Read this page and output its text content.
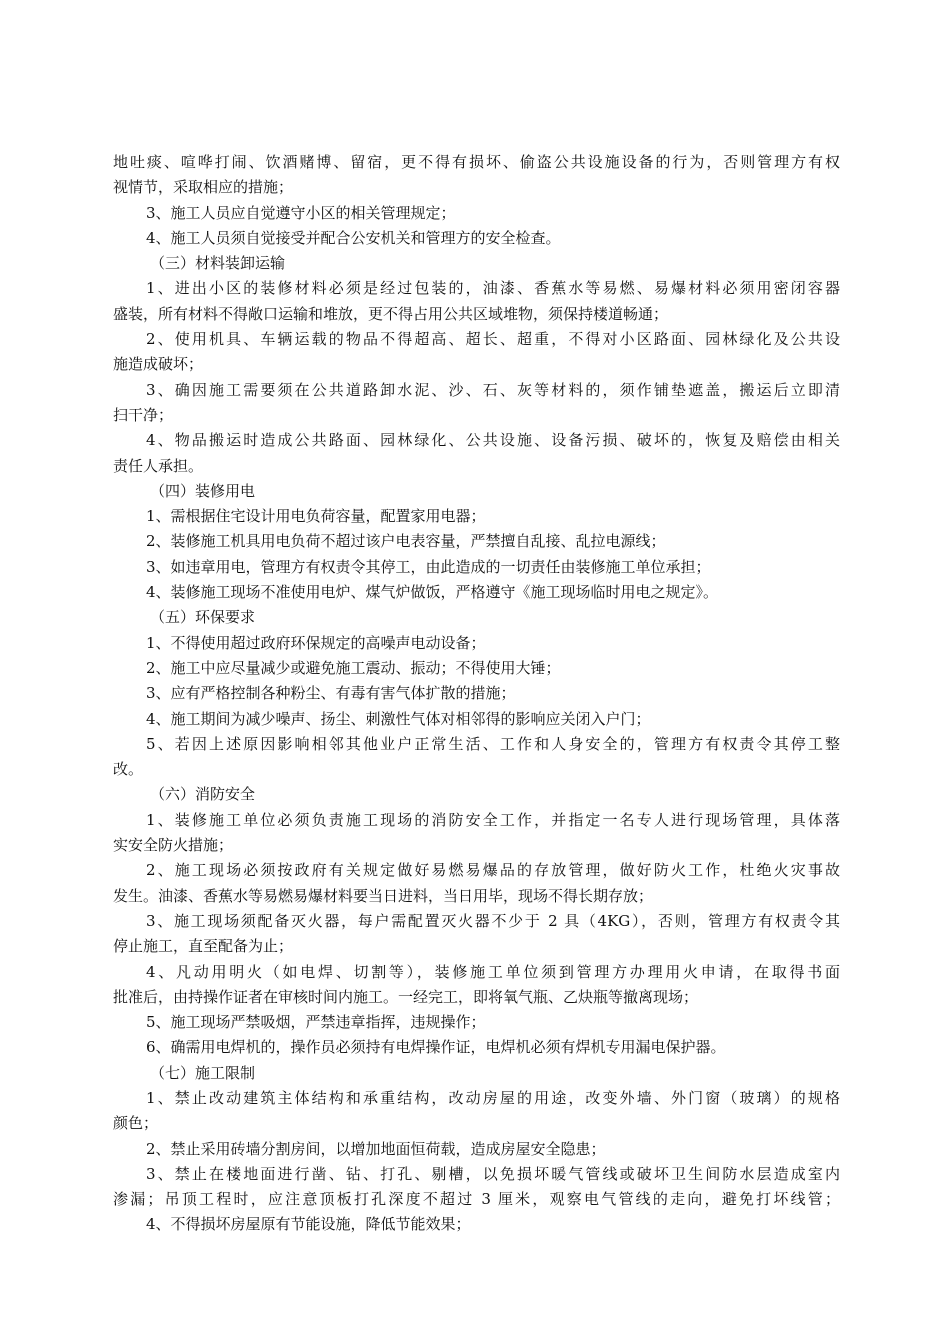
地吐痰、喧哗打闹、饮酒赌博、留宿，更不得有损坏、偷盗公共设施设备的行为，否则管理方有权
视情节，采取相应的措施；
3、施工人员应自觉遵守小区的相关管理规定；
4、施工人员须自觉接受并配合公安机关和管理方的安全检查。
（三）材料装卸运输
1、进出小区的装修材料必须是经过包装的，油漆、香蕉水等易燃、易爆材料必须用密闭容器
盛装，所有材料不得敞口运输和堆放，更不得占用公共区域堆物，须保持楼道畅通；
2、使用机具、车辆运载的物品不得超高、超长、超重，不得对小区路面、园林绿化及公共设
施造成破坏；
3、确因施工需要须在公共道路卸水泥、沙、石、灰等材料的，须作铺垫遮盖，搬运后立即清
扫干净；
4、物品搬运时造成公共路面、园林绿化、公共设施、设备污损、破坏的，恢复及赔偿由相关
责任人承担。
（四）装修用电
1、需根据住宅设计用电负荷容量，配置家用电器；
2、装修施工机具用电负荷不超过该户电表容量，严禁擅自乱接、乱拉电源线；
3、如违章用电，管理方有权责令其停工，由此造成的一切责任由装修施工单位承担；
4、装修施工现场不准使用电炉、煤气炉做饭，严格遵守《施工现场临时用电之规定》。
（五）环保要求
1、不得使用超过政府环保规定的高噪声电动设备；
2、施工中应尽量减少或避免施工震动、振动；不得使用大锤；
3、应有严格控制各种粉尘、有毒有害气体扩散的措施；
4、施工期间为减少噪声、扬尘、刺激性气体对相邻得的影响应关闭入户门；
5、若因上述原因影响相邻其他业户正常生活、工作和人身安全的，管理方有权责令其停工整
改。
（六）消防安全
1、装修施工单位必须负责施工现场的消防安全工作，并指定一名专人进行现场管理，具体落
实安全防火措施；
2、施工现场必须按政府有关规定做好易燃易爆品的存放管理，做好防火工作，杜绝火灾事故
发生。油漆、香蕉水等易燃易爆材料要当日进料，当日用毕，现场不得长期存放；
3、施工现场须配备灭火器，每户需配置灭火器不少于 2 具（4KG），否则，管理方有权责令其
停止施工，直至配备为止；
4、凡动用明火（如电焊、切割等），装修施工单位须到管理方办理用火申请，在取得书面
批准后，由持操作证者在审核时间内施工。一经完工，即将氧气瓶、乙炔瓶等撤离现场；
5、施工现场严禁吸烟，严禁违章指挥，违规操作；
6、确需用电焊机的，操作员必须持有电焊操作证，电焊机必须有焊机专用漏电保护器。
（七）施工限制
1、禁止改动建筑主体结构和承重结构，改动房屋的用途，改变外墙、外门窗（玻璃）的规格
颜色；
2、禁止采用砖墙分割房间，以增加地面恒荷载，造成房屋安全隐患；
3、禁止在楼地面进行凿、钻、打孔、剔槽，以免损坏暖气管线或破坏卫生间防水层造成室内
渗漏；吊顶工程时，应注意顶板打孔深度不超过 3 厘米，观察电气管线的走向，避免打坏线管；
4、不得损坏房屋原有节能设施，降低节能效果；
